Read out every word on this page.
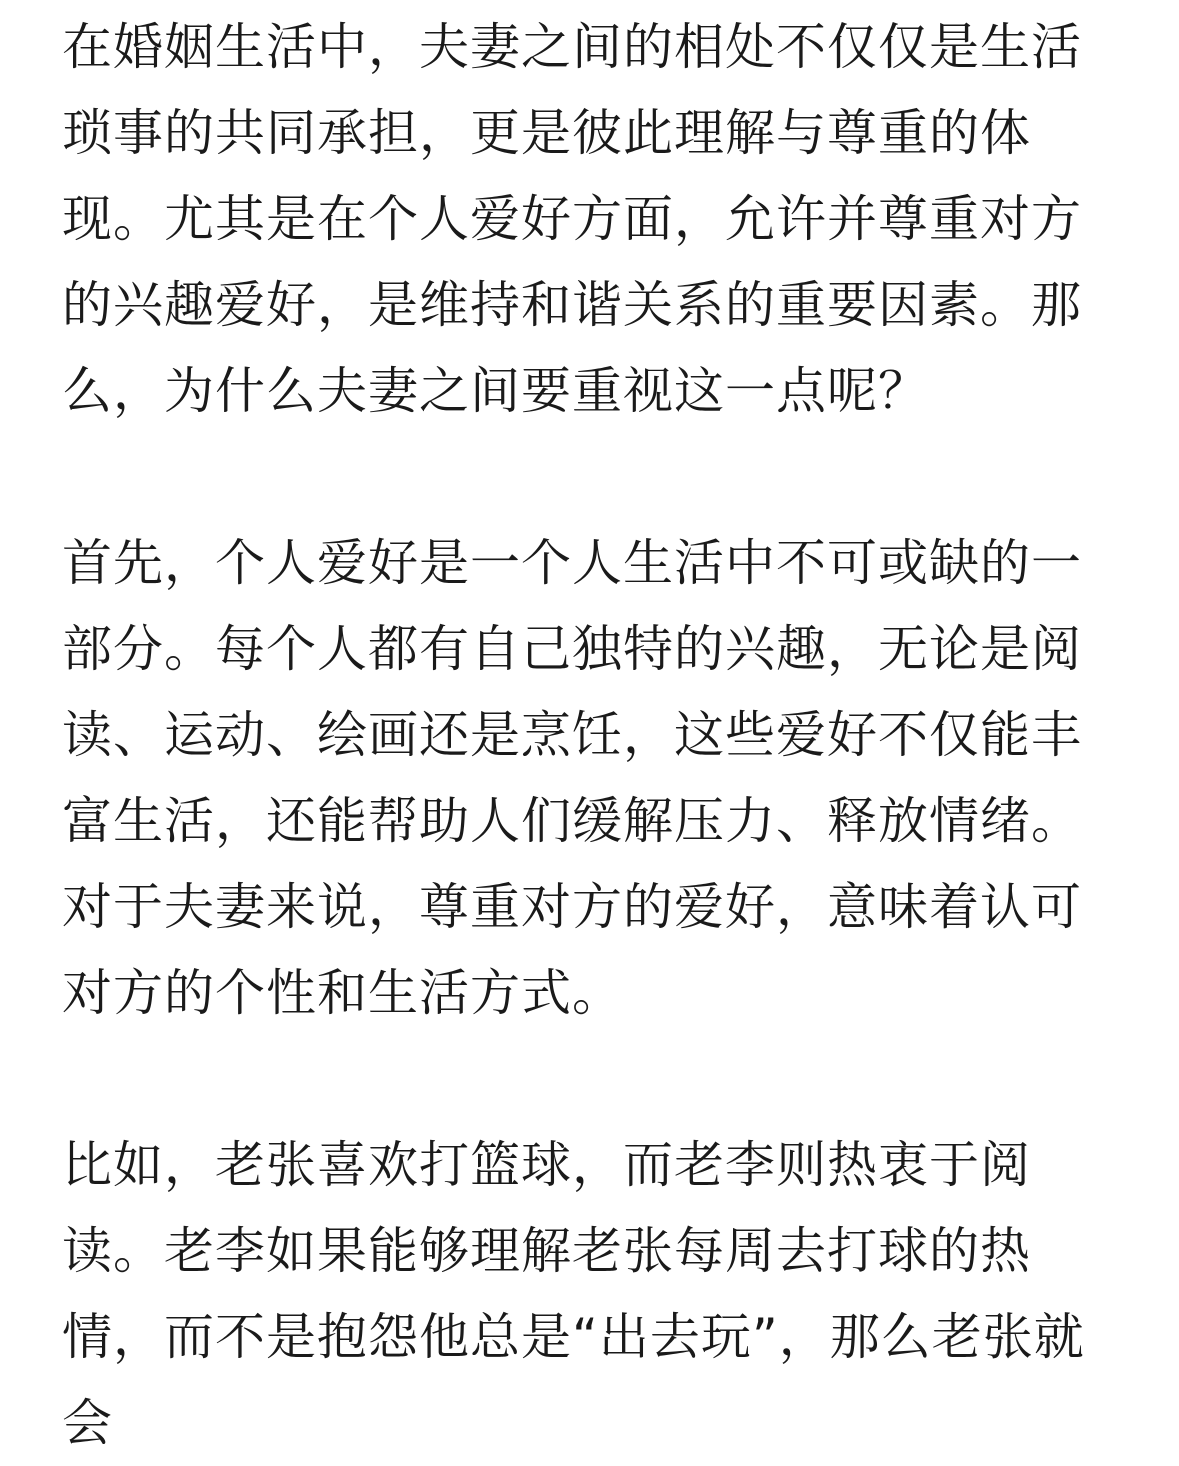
在婚姻生活中，夫妻之间的相处不仅仅是生活
琐事的共同承担，更是彼此理解与尊重的体
现。尤其是在个人爱好方面，允许并尊重对方
的兴趣爱好，是维持和谐关系的重要因素。那
么，为什么夫妻之间要重视这一点呢？
首先，个人爱好是一个人生活中不可或缺的一
部分。每个人都有自己独特的兴趣，无论是阅
读、运动、绘画还是烹饪，这些爱好不仅能丰
富生活，还能帮助人们缓解压力、释放情绪。
对于夫妻来说，尊重对方的爱好，意味着认可
对方的个性和生活方式。
比如，老张喜欢打篮球，而老李则热衷于阅
读。老李如果能够理解老张每周去打球的热
情，而不是抱怨他总是“出去玩”，那么老张就会
